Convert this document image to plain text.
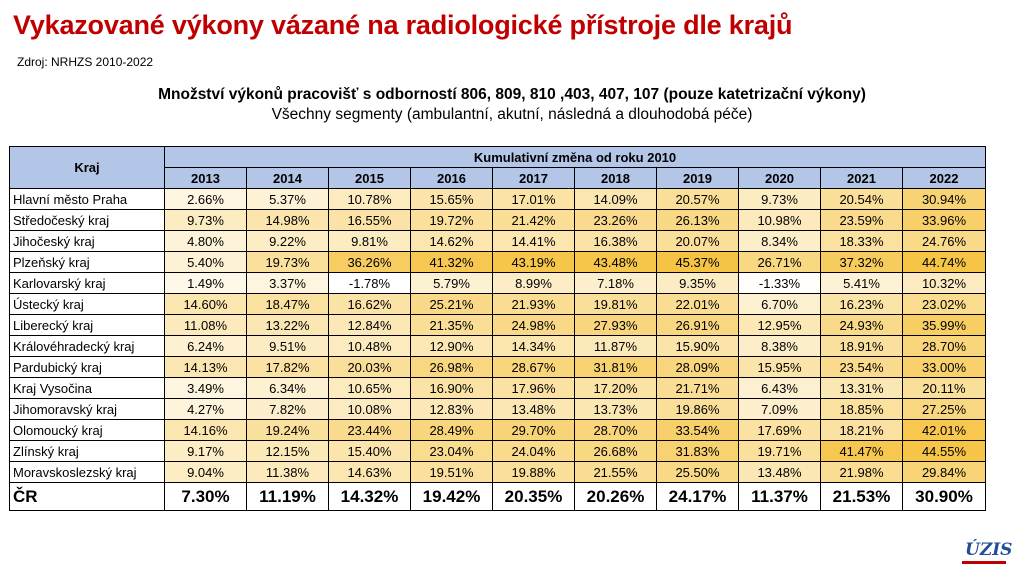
Vykazované výkony vázané na radiologické přístroje dle krajů
Zdroj: NRHZS 2010-2022
Množství výkonů pracovišť s odborností 806, 809, 810 ,403, 407, 107 (pouze katetrizační výkony)
Všechny segmenty (ambulantní, akutní, následná a dlouhodobá péče)
Kraj	Kumulativní změna od roku 2010									
	2013	2014	2015	2016	2017	2018	2019	2020	2021	2022
Hlavní město Praha	2.66%	5.37%	10.78%	15.65%	17.01%	14.09%	20.57%	9.73%	20.54%	30.94%
Středočeský kraj	9.73%	14.98%	16.55%	19.72%	21.42%	23.26%	26.13%	10.98%	23.59%	33.96%
Jihočeský kraj	4.80%	9.22%	9.81%	14.62%	14.41%	16.38%	20.07%	8.34%	18.33%	24.76%
Plzeňský kraj	5.40%	19.73%	36.26%	41.32%	43.19%	43.48%	45.37%	26.71%	37.32%	44.74%
Karlovarský kraj	1.49%	3.37%	-1.78%	5.79%	8.99%	7.18%	9.35%	-1.33%	5.41%	10.32%
Ústecký kraj	14.60%	18.47%	16.62%	25.21%	21.93%	19.81%	22.01%	6.70%	16.23%	23.02%
Liberecký kraj	11.08%	13.22%	12.84%	21.35%	24.98%	27.93%	26.91%	12.95%	24.93%	35.99%
Královéhradecký kraj	6.24%	9.51%	10.48%	12.90%	14.34%	11.87%	15.90%	8.38%	18.91%	28.70%
Pardubický kraj	14.13%	17.82%	20.03%	26.98%	28.67%	31.81%	28.09%	15.95%	23.54%	33.00%
Kraj Vysočina	3.49%	6.34%	10.65%	16.90%	17.96%	17.20%	21.71%	6.43%	13.31%	20.11%
Jihomoravský kraj	4.27%	7.82%	10.08%	12.83%	13.48%	13.73%	19.86%	7.09%	18.85%	27.25%
Olomoucký kraj	14.16%	19.24%	23.44%	28.49%	29.70%	28.70%	33.54%	17.69%	18.21%	42.01%
Zlínský kraj	9.17%	12.15%	15.40%	23.04%	24.04%	26.68%	31.83%	19.71%	41.47%	44.55%
Moravskoslezský kraj	9.04%	11.38%	14.63%	19.51%	19.88%	21.55%	25.50%	13.48%	21.98%	29.84%
ČR	7.30%	11.19%	14.32%	19.42%	20.35%	20.26%	24.17%	11.37%	21.53%	30.90%
ÚZIS
